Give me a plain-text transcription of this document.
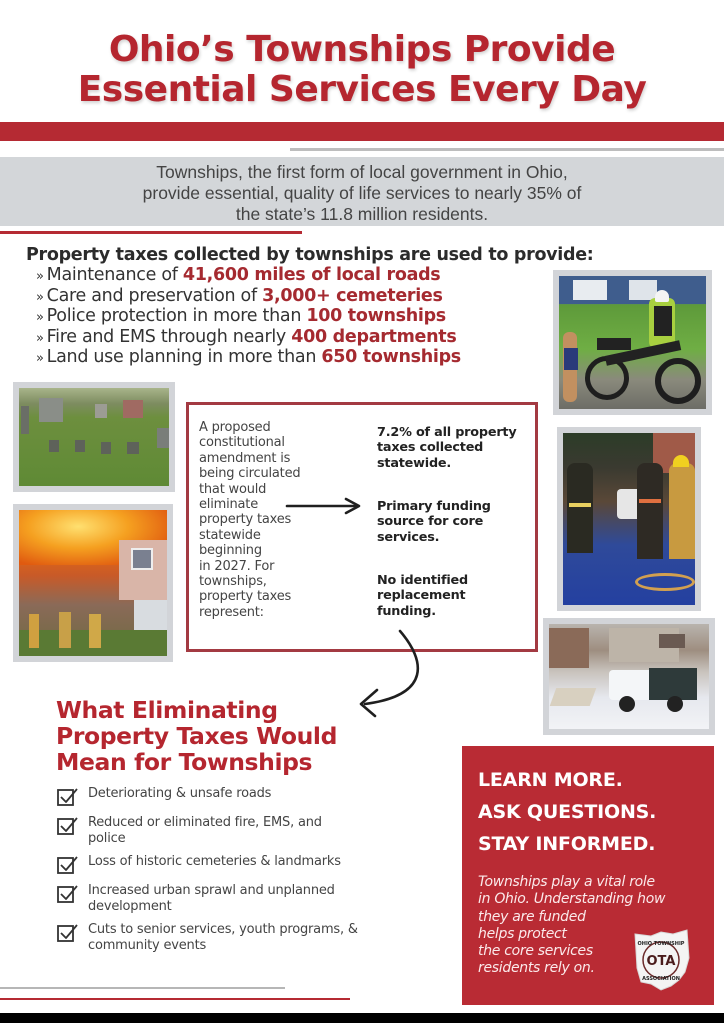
Ohio’s Townships Provide
Essential Services Every Day
Townships, the first form of local government in Ohio,
provide essential, quality of life services to nearly 35% of
the state’s 11.8 million residents.
Property taxes collected by townships are used to provide:
» Maintenance of 41,600 miles of local roads
» Care and preservation of 3,000+ cemeteries
» Police protection in more than 100 townships
» Fire and EMS through nearly 400 departments
» Land use planning in more than 650 townships
A proposed
constitutional
amendment is
being circulated
that would
eliminate
property taxes
statewide
beginning
in 2027. For
townships,
property taxes
represent:
7.2% of all property
taxes collected
statewide.
Primary funding
source for core
services.
No identified
replacement
funding.
What Eliminating
Property Taxes Would
Mean for Townships
Deteriorating & unsafe roads
Reduced or eliminated fire, EMS, and
police
Loss of historic cemeteries & landmarks
Increased urban sprawl and unplanned
development
Cuts to senior services, youth programs, &
community events
LEARN MORE.
ASK QUESTIONS.
STAY INFORMED.
Townships play a vital role
in Ohio. Understanding how
they are funded
helps protect
the core services
residents rely on.	OTA
OHIO TOWNSHIP
ASSOCIATION
